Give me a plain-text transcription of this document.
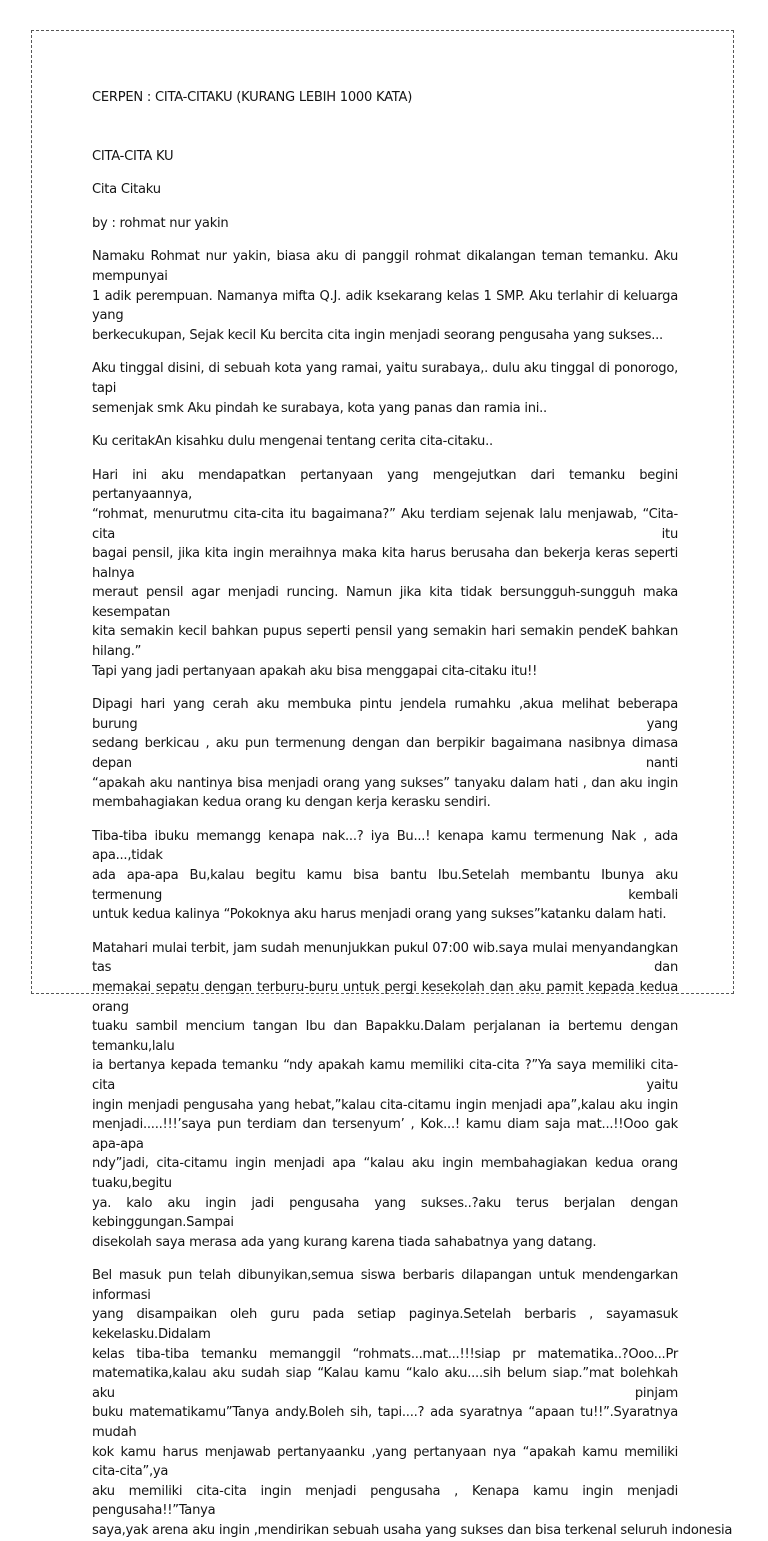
CERPEN : CITA-CITAKU (KURANG LEBIH 1000 KATA)

CITA-CITA KU

Cita Citaku

by : rohmat nur yakin

Namaku Rohmat nur yakin, biasa aku di panggil rohmat dikalangan teman temanku. Aku mempunyai

1 adik perempuan. Namanya mifta Q.J. adik ksekarang kelas 1 SMP. Aku terlahir di keluarga yang

berkecukupan, Sejak kecil Ku bercita cita ingin menjadi seorang pengusaha yang sukses...

Aku tinggal disini, di sebuah kota yang ramai, yaitu surabaya,. dulu aku tinggal di ponorogo, tapi

semenjak smk Aku pindah ke surabaya, kota yang panas dan ramia ini..

Ku ceritakAn kisahku dulu mengenai tentang cerita cita-citaku..

Hari ini aku mendapatkan pertanyaan yang mengejutkan dari temanku begini pertanyaannya,

“rohmat, menurutmu cita-cita itu bagaimana?” Aku terdiam sejenak lalu menjawab, “Cita-cita itu

bagai pensil, jika kita ingin meraihnya maka kita harus berusaha dan bekerja keras seperti halnya

meraut pensil agar menjadi runcing. Namun jika kita tidak bersungguh-sungguh maka kesempatan

kita semakin kecil bahkan pupus seperti pensil yang semakin hari semakin pendeK bahkan hilang.”

Tapi yang jadi pertanyaan apakah aku bisa menggapai cita-citaku itu!!

Dipagi hari yang cerah aku membuka pintu jendela rumahku ,akua melihat beberapa burung yang

sedang berkicau , aku pun termenung dengan dan berpikir bagaimana nasibnya dimasa depan nanti

“apakah aku nantinya bisa menjadi orang yang sukses” tanyaku dalam hati , dan aku ingin

membahagiakan kedua orang ku dengan kerja kerasku sendiri.

Tiba-tiba ibuku memangg kenapa nak...? iya Bu...! kenapa kamu termenung Nak , ada apa...,tidak

ada apa-apa Bu,kalau begitu kamu bisa bantu Ibu.Setelah membantu Ibunya aku termenung kembali

untuk kedua kalinya “Pokoknya aku harus menjadi orang yang sukses”katanku dalam hati.

Matahari mulai terbit, jam sudah menunjukkan pukul 07:00 wib.saya mulai menyandangkan tas dan

memakai sepatu dengan terburu-buru untuk pergi kesekolah dan aku pamit kepada kedua orang

tuaku sambil mencium tangan Ibu dan Bapakku.Dalam perjalanan ia bertemu dengan temanku,lalu

ia bertanya kepada temanku “ndy apakah kamu memiliki cita-cita ?”Ya saya memiliki cita-cita yaitu

ingin menjadi pengusaha yang hebat,”kalau cita-citamu ingin menjadi apa”,kalau aku ingin

menjadi.....!!!’saya pun terdiam dan tersenyum’ , Kok...! kamu diam saja mat...!!Ooo gak apa-apa

ndy”jadi, cita-citamu ingin menjadi apa “kalau aku ingin membahagiakan kedua orang tuaku,begitu

ya. kalo aku ingin jadi pengusaha yang sukses..?aku terus berjalan dengan kebinggungan.Sampai

disekolah saya merasa ada yang kurang karena tiada sahabatnya yang datang.

Bel masuk pun telah dibunyikan,semua siswa berbaris dilapangan untuk mendengarkan informasi

yang disampaikan oleh guru pada setiap paginya.Setelah berbaris , sayamasuk kekelasku.Didalam

kelas tiba-tiba temanku memanggil “rohmats...mat...!!!siap pr matematika..?Ooo...Pr

matematika,kalau aku sudah siap “Kalau kamu “kalo aku....sih belum siap.”mat bolehkah aku pinjam

buku matematikamu”Tanya andy.Boleh sih, tapi....? ada syaratnya “apaan tu!!”.Syaratnya mudah

kok kamu harus menjawab pertanyaanku ,yang pertanyaan nya “apakah kamu memiliki cita-cita”,ya

aku memiliki cita-cita ingin menjadi pengusaha , Kenapa kamu ingin menjadi pengusaha!!”Tanya

saya,yak arena aku ingin ,mendirikan sebuah usaha yang sukses dan bisa terkenal seluruh indonesia
